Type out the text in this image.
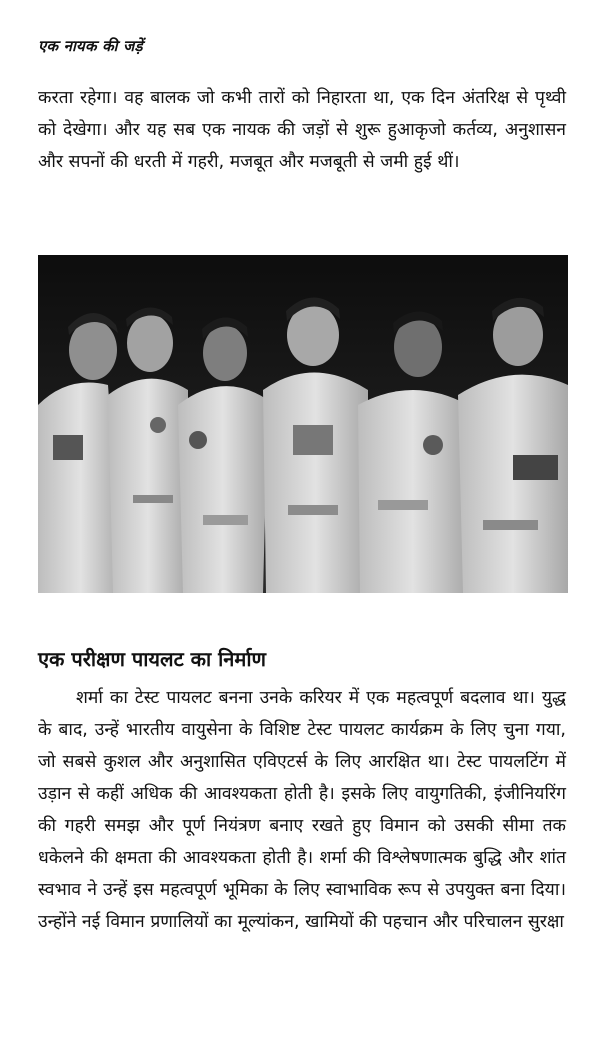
एक नायक की जड़ें

करता रहेगा। वह बालक जो कभी तारों को निहारता था, एक दिन अंतरिक्ष से पृथ्वी को देखेगा। और यह सब एक नायक की जड़ों से शुरू हुआकृजो कर्तव्य, अनुशासन और सपनों की धरती में गहरी, मजबूत और मजबूती से जमी हुई थीं।

एक परीक्षण पायलट का निर्माण

शर्मा का टेस्ट पायलट बनना उनके करियर में एक महत्वपूर्ण बदलाव था। युद्ध के बाद, उन्हें भारतीय वायुसेना के विशिष्ट टेस्ट पायलट कार्यक्रम के लिए चुना गया, जो सबसे कुशल और अनुशासित एविएटर्स के लिए आरक्षित था। टेस्ट पायलटिंग में उड़ान से कहीं अधिक की आवश्यकता होती है। इसके लिए वायुगतिकी, इंजीनियरिंग की गहरी समझ और पूर्ण नियंत्रण बनाए रखते हुए विमान को उसकी सीमा तक धकेलने की क्षमता की आवश्यकता होती है। शर्मा की विश्लेषणात्मक बुद्धि और शांत स्वभाव ने उन्हें इस महत्वपूर्ण भूमिका के लिए स्वाभाविक रूप से उपयुक्त बना दिया। उन्होंने नई विमान प्रणालियों का मूल्यांकन, खामियों की पहचान और परिचालन सुरक्षा
